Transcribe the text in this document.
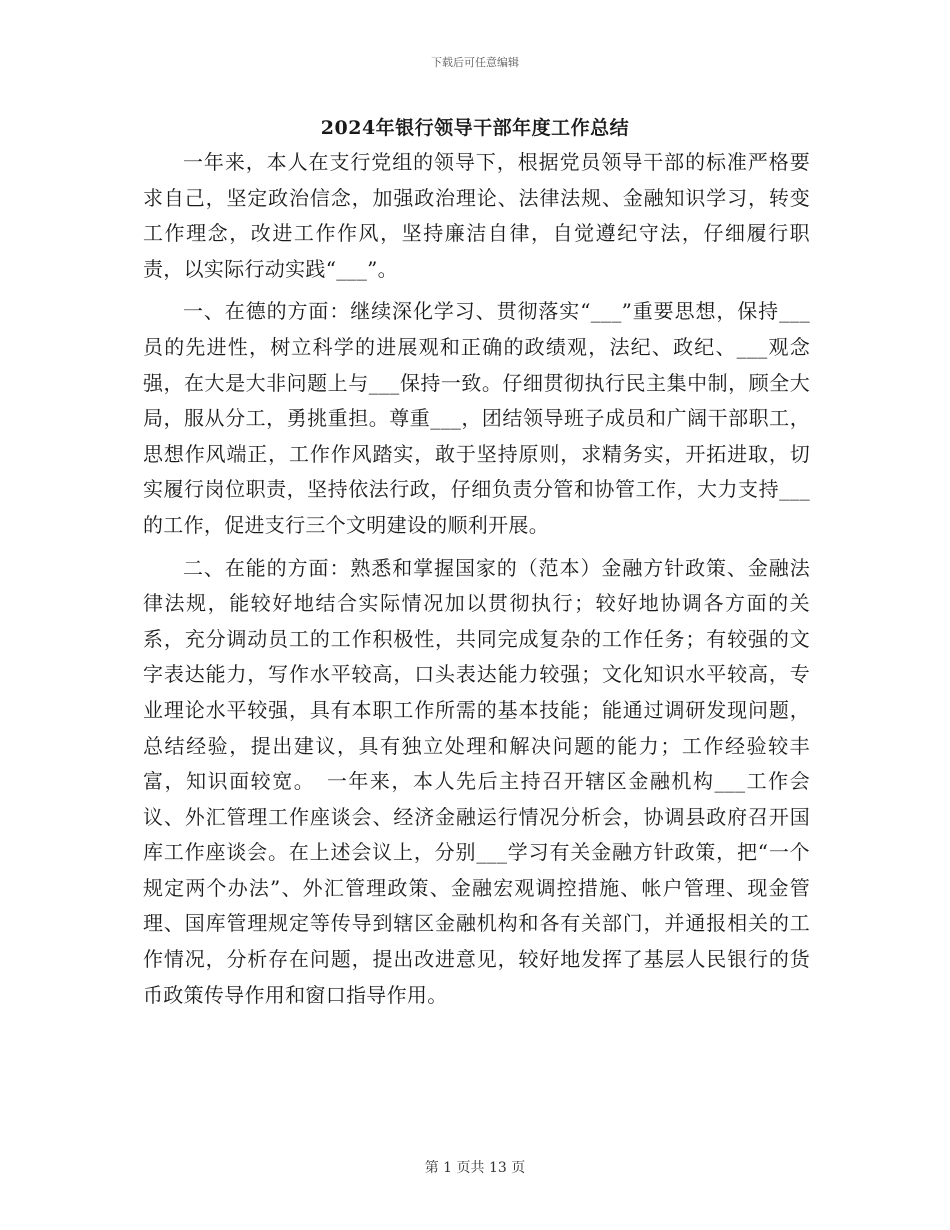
下载后可任意编辑
2024年银行领导干部年度工作总结

一年来，本人在支行党组的领导下，根据党员领导干部的标准严格要求自己，坚定政治信念，加强政治理论、法律法规、金融知识学习，转变工作理念，改进工作作风，坚持廉洁自律，自觉遵纪守法，仔细履行职责，以实际行动实践“___”。

一、在德的方面：继续深化学习、贯彻落实“___”重要思想，保持___员的先进性，树立科学的进展观和正确的政绩观，法纪、政纪、___观念强，在大是大非问题上与___保持一致。仔细贯彻执行民主集中制，顾全大局，服从分工，勇挑重担。尊重___，团结领导班子成员和广阔干部职工，思想作风端正，工作作风踏实，敢于坚持原则，求精务实，开拓进取，切实履行岗位职责，坚持依法行政，仔细负责分管和协管工作，大力支持___的工作，促进支行三个文明建设的顺利开展。

二、在能的方面：熟悉和掌握国家的（范本）金融方针政策、金融法律法规，能较好地结合实际情况加以贯彻执行；较好地协调各方面的关系，充分调动员工的工作积极性，共同完成复杂的工作任务；有较强的文字表达能力，写作水平较高，口头表达能力较强；文化知识水平较高，专业理论水平较强，具有本职工作所需的基本技能；能通过调研发现问题，总结经验，提出建议，具有独立处理和解决问题的能力；工作经验较丰富，知识面较宽。　一年来，本人先后主持召开辖区金融机构___工作会议、外汇管理工作座谈会、经济金融运行情况分析会，协调县政府召开国库工作座谈会。在上述会议上，分别___学习有关金融方针政策，把“一个规定两个办法”、外汇管理政策、金融宏观调控措施、帐户管理、现金管理、国库管理规定等传导到辖区金融机构和各有关部门，并通报相关的工作情况，分析存在问题，提出改进意见，较好地发挥了基层人民银行的货币政策传导作用和窗口指导作用。

第 1 页共 13 页
